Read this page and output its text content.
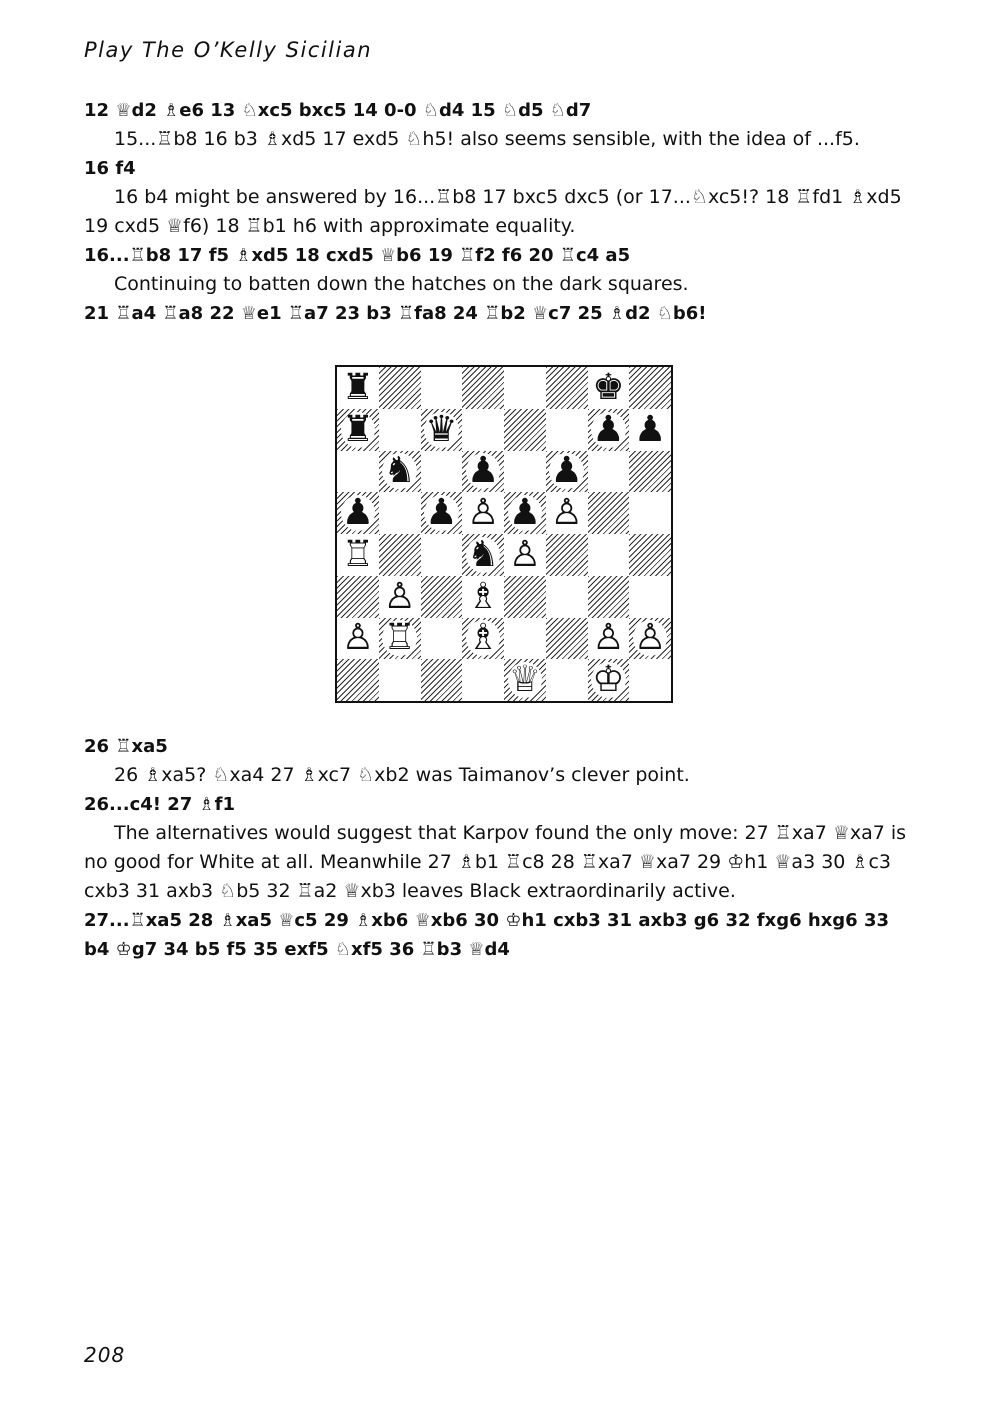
Play The O’Kelly Sicilian

12 ♕d2 ♗e6 13 ♘xc5 bxc5 14 0-0 ♘d4 15 ♘d5 ♘d7

15...♖b8 16 b3 ♗xd5 17 exd5 ♘h5! also seems sensible, with the idea of ...f5.

16 f4

16 b4 might be answered by 16...♖b8 17 bxc5 dxc5 (or 17...♘xc5!? 18 ♖fd1 ♗xd5 19 cxd5 ♕f6) 18 ♖b1 h6 with approximate equality.

16...♖b8 17 f5 ♗xd5 18 cxd5 ♕b6 19 ♖f2 f6 20 ♖c4 a5

Continuing to batten down the hatches on the dark squares.

21 ♖a4 ♖a8 22 ♕e1 ♖a7 23 b3 ♖fa8 24 ♖b2 ♕c7 25 ♗d2 ♘b6!

♜	♚
♜ ♛	♟ ♟
♞ ♟ ♟
♟ ♟ ♙ ♟ ♙
♖	♞ ♙
♙ ♗
♙ ♖ ♗	♙ ♙
♕ ♔

26 ♖xa5

26 ♗xa5? ♘xa4 27 ♗xc7 ♘xb2 was Taimanov’s clever point.

26...c4! 27 ♗f1

The alternatives would suggest that Karpov found the only move: 27 ♖xa7 ♕xa7 is no good for White at all. Meanwhile 27 ♗b1 ♖c8 28 ♖xa7 ♕xa7 29 ♔h1 ♕a3 30 ♗c3 cxb3 31 axb3 ♘b5 32 ♖a2 ♕xb3 leaves Black extraordinarily active.

27...♖xa5 28 ♗xa5 ♕c5 29 ♗xb6 ♕xb6 30 ♔h1 cxb3 31 axb3 g6 32 fxg6 hxg6 33 b4 ♔g7 34 b5 f5 35 exf5 ♘xf5 36 ♖b3 ♕d4

208
